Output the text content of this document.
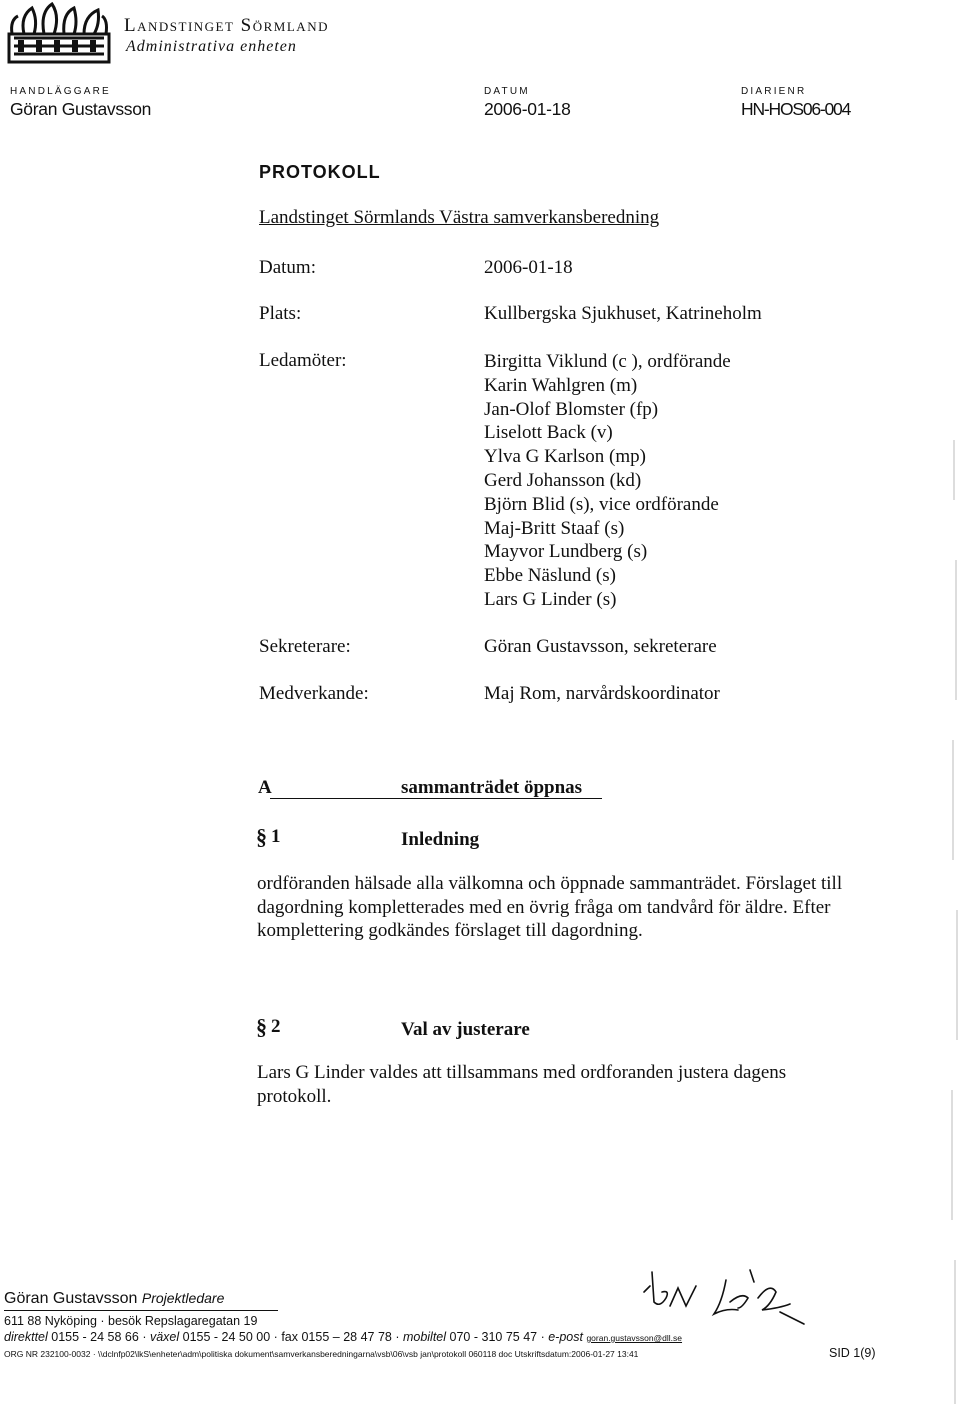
Landstinget Sörmland
Administrativa enheten
HANDLÄGGARE
Göran Gustavsson
DATUM
2006-01-18
DIARIENR
HN-HOS06-004
PROTOKOLL
Landstinget Sörmlands Västra samverkansberedning
Datum:	2006-01-18
Plats:	Kullbergska Sjukhuset, Katrineholm
Ledamöter:	Birgitta Viklund (c ), ordförande
Karin Wahlgren (m)
Jan-Olof Blomster (fp)
Liselott Back (v)
Ylva G Karlson (mp)
Gerd Johansson (kd)
Björn Blid (s), vice ordförande
Maj-Britt Staaf (s)
Mayvor Lundberg (s)
Ebbe Näslund (s)
Lars G Linder (s)
Sekreterare:	Göran Gustavsson, sekreterare
Medverkande:	Maj Rom, narvårdskoordinator
A	sammanträdet öppnas
§ 1	Inledning

ordföranden hälsade alla välkomna och öppnade sammanträdet. Förslaget till dagordning kompletterades med en övrig fråga om tandvård för äldre. Efter komplettering godkändes förslaget till dagordning.

§ 2	Val av justerare

Lars G Linder valdes att tillsammans med ordforanden justera dagens protokoll.

Göran Gustavsson Projektledare
611 88 Nyköping · besök Repslagaregatan 19
direkttel 0155 - 24 58 66 · växel 0155 - 24 50 00 · fax 0155 – 28 47 78 · mobiltel 070 - 310 75 47 · e-post goran.gustavsson@dll.se
ORG NR 232100-0032 · \\dclnfp02\lkS\enheter\adm\politiska dokument\samverkansberedningarna\vsb\06\vsb jan\protokoll 060118 doc Utskriftsdatum:2006-01-27 13:41	SID 1(9)
